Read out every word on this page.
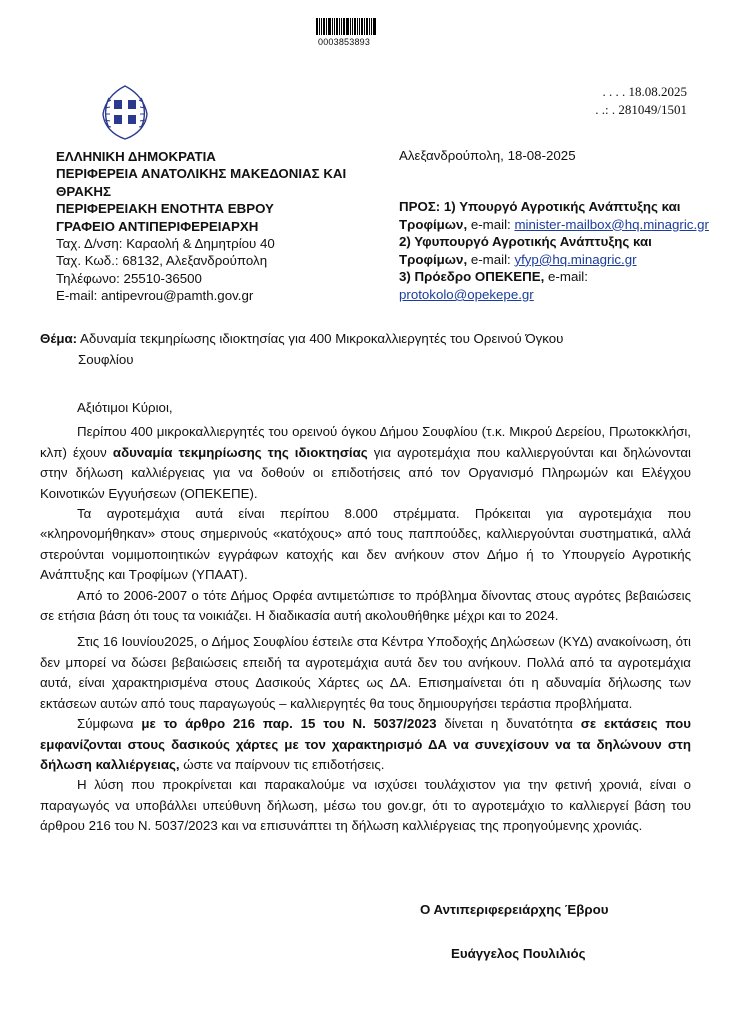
0003853893
. . . . 18.08.2025
. .: . 281049/1501
ΕΛΛΗΝΙΚΗ ΔΗΜΟΚΡΑΤΙΑ
ΠΕΡΙΦΕΡΕΙΑ ΑΝΑΤΟΛΙΚΗΣ ΜΑΚΕΔΟΝΙΑΣ ΚΑΙ
ΘΡΑΚΗΣ
ΠΕΡΙΦΕΡΕΙΑΚΗ ΕΝΟΤΗΤΑ ΕΒΡΟΥ
ΓΡΑΦΕΙΟ ΑΝΤΙΠΕΡΙΦΕΡΕΙΑΡΧΗ
Ταχ. Δ/νση: Καραολή & Δημητρίου 40
Ταχ. Κωδ.: 68132, Αλεξανδρούπολη
Τηλέφωνο: 25510-36500
E-mail: antipevrou@pamth.gov.gr
Αλεξανδρούπολη, 18-08-2025
ΠΡΟΣ: 1) Υπουργό Αγροτικής Ανάπτυξης και
Τροφίμων, e-mail: minister-mailbox@hq.minagric.gr
2) Υφυπουργό Αγροτικής Ανάπτυξης και
Τροφίμων, e-mail: yfyp@hq.minagric.gr
3) Πρόεδρο ΟΠΕΚΕΠΕ, e-mail:
protokolo@opekepe.gr
Θέμα: Αδυναμία τεκμηρίωσης ιδιοκτησίας για 400 Μικροκαλλιεργητές του Ορεινού Όγκου
Σουφλίου

Αξιότιμοι Κύριοι,

Περίπου 400 μικροκαλλιεργητές του ορεινού όγκου Δήμου Σουφλίου (τ.κ. Μικρού Δερείου, Πρωτοκκλήσι, κλπ) έχουν αδυναμία τεκμηρίωσης της ιδιοκτησίας για αγροτεμάχια που καλλιεργούνται και δηλώνονται στην δήλωση καλλιέργειας για να δοθούν οι επιδοτήσεις από τον Οργανισμό Πληρωμών και Ελέγχου Κοινοτικών Εγγυήσεων (ΟΠΕΚΕΠΕ).

Τα αγροτεμάχια αυτά είναι περίπου 8.000 στρέμματα. Πρόκειται για αγροτεμάχια που «κληρονομήθηκαν» στους σημερινούς «κατόχους» από τους παππούδες, καλλιεργούνται συστηματικά, αλλά στερούνται νομιμοποιητικών εγγράφων κατοχής και δεν ανήκουν στον Δήμο ή το Υπουργείο Αγροτικής Ανάπτυξης και Τροφίμων (ΥΠΑΑΤ).

Από το 2006-2007 ο τότε Δήμος Ορφέα αντιμετώπισε το πρόβλημα δίνοντας στους αγρότες βεβαιώσεις σε ετήσια βάση ότι τους τα νοικιάζει. Η διαδικασία αυτή ακολουθήθηκε μέχρι και το 2024.

Στις 16 Ιουνίου2025, ο Δήμος Σουφλίου έστειλε στα Κέντρα Υποδοχής Δηλώσεων (ΚΥΔ) ανακοίνωση, ότι δεν μπορεί να δώσει βεβαιώσεις επειδή τα αγροτεμάχια αυτά δεν του ανήκουν. Πολλά από τα αγροτεμάχια αυτά, είναι χαρακτηρισμένα στους Δασικούς Χάρτες ως ΔΑ. Επισημαίνεται ότι η αδυναμία δήλωσης των εκτάσεων αυτών από τους παραγωγούς – καλλιεργητές θα τους δημιουργήσει τεράστια προβλήματα.

Σύμφωνα με το άρθρο 216 παρ. 15 του Ν. 5037/2023 δίνεται η δυνατότητα σε εκτάσεις που εμφανίζονται στους δασικούς χάρτες με τον χαρακτηρισμό ΔΑ να συνεχίσουν να τα δηλώνουν στη δήλωση καλλιέργειας, ώστε να παίρνουν τις επιδοτήσεις.

Η λύση που προκρίνεται και παρακαλούμε να ισχύσει τουλάχιστον για την φετινή χρονιά, είναι ο παραγωγός να υποβάλλει υπεύθυνη δήλωση, μέσω του gov.gr, ότι το αγροτεμάχιο το καλλιεργεί βάση του άρθρου 216 του Ν. 5037/2023 και να επισυνάπτει τη δήλωση καλλιέργειας της προηγούμενης χρονιάς.

Ο Αντιπεριφερειάρχης Έβρου
Ευάγγελος Πουλιλιός
